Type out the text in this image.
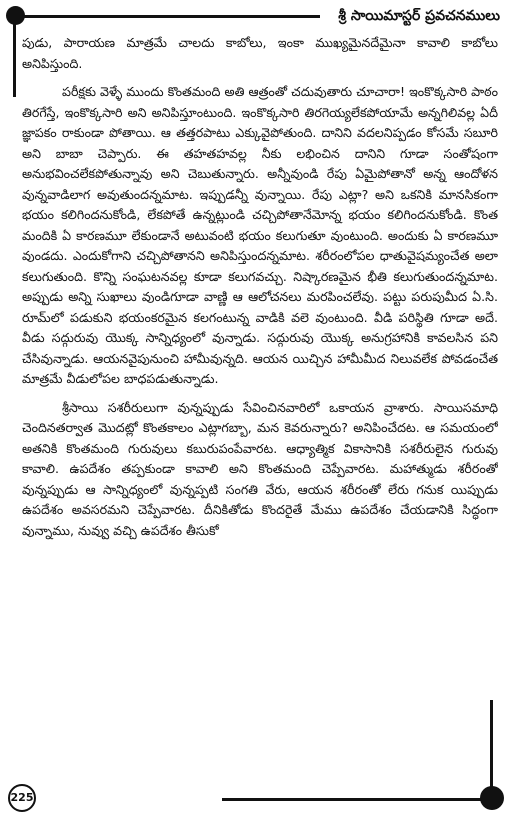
శ్రీ సాయిమాస్టర్ ప్రవచనములు

పుడు, పారాయణ మాత్రమే చాలదు కాబోలు, ఇంకా ముఖ్యమైనదేమైనా కావాలి కాబోలు అనిపిస్తుంది.

పరీక్షకు వెళ్ళే ముందు కొంతమంది అతి ఆత్రంతో చదువుతారు చూచారా! ఇంకొక్కసారి పాఠం తిరగేస్తే, ఇంకొక్కసారి అని అనిపిస్తూంటుంది. ఇంకొక్కసారి తిరగెయ్యలేకపోయామే అన్నగిలివల్ల ఏదీ జ్ఞాపకం రాకుండా పోతాయి. ఆ తత్తరపాటు ఎక్కువైపోతుంది. దానిని వదలనిప్పడం కోసమే సబూరి అని బాబా చెప్పారు. ఈ తహతహవల్ల నీకు లభించిన దానిని గూడా సంతోషంగా అనుభవించలేకపోతున్నావు అని చెబుతున్నారు. అన్నీవుండి రేపు ఏమైపోతానో అన్న ఆందోళన వున్నవాడిలాగ అవుతుందన్నమాట. ఇప్పుడన్నీ వున్నాయి. రేపు ఎట్లా? అని ఒకనికి మానసికంగా భయం కలిగిందనుకోండి, లేకపోతే ఉన్నట్లుండి చచ్చిపోతానేమోన్న భయం కలిగిందనుకోండి. కొంత మందికి ఏ కారణమూ లేకుండానే అటువంటి భయం కలుగుతూ వుంటుంది. అందుకు ఏ కారణమూ వుండదు. ఎందుకోగాని చచ్చిపోతానని అనిపిస్తుందన్నమాట. శరీరంలోపల ధాతువైషమ్యంచేత అలా కలుగుతుంది. కొన్ని సంఘటనవల్ల కూడా కలుగవచ్చు. నిష్కారణమైన భీతి కలుగుతుందన్నమాట. అప్పుడు అన్ని సుఖాలు వుండిగూడా వాణ్ణి ఆ ఆలోచనలు మరపించలేవు. పట్టు పరుపుమీద ఏ.సి. రూమ్‌లో పడుకుని భయంకరమైన కలగంటున్న వాడికి వలె వుంటుంది. వీడి పరిస్థితి గూడా అదే. వీడు సద్గురువు యొక్క సాన్నిధ్యంలో వున్నాడు. సద్గురువు యొక్క అనుగ్రహానికి కావలసిన పని చేసివున్నాడు. ఆయనవైపునుంచి హామీవున్నది. ఆయన యిచ్చిన హామీమీద నిలువలేక పోవడంచేత మాత్రమే వీడులోపల బాధపడుతున్నాడు.

శ్రీసాయి సశరీరులుగా వున్నప్పుడు సేవించినవారిలో ఒకాయన వ్రాశారు. సాయిసమాధి చెందినతర్వాత మొదట్లో కొంతకాలం ఎట్లాగబ్బా, మన కెవరున్నారు? అనిపించేదట. ఆ సమయంలో అతనికి కొంతమంది గురువులు కబురుపంపేవారట. ఆధ్యాత్మిక వికాసానికి సశరీరులైన గురువు కావాలి. ఉపదేశం తప్పకుండా కావాలి అని కొంతమంది చెప్పేవారట. మహాత్ముడు శరీరంతో వున్నప్పుడు ఆ సాన్నిధ్యంలో వున్నప్పటి సంగతి వేరు, ఆయన శరీరంతో లేరు గనుక యిప్పుడు ఉపదేశం అవసరమని చెప్పేవారట. దీనికితోడు కొందరైతే మేము ఉపదేశం చేయడానికి సిద్ధంగా వున్నాము, నువ్వు వచ్చి ఉపదేశం తీసుకో

225
